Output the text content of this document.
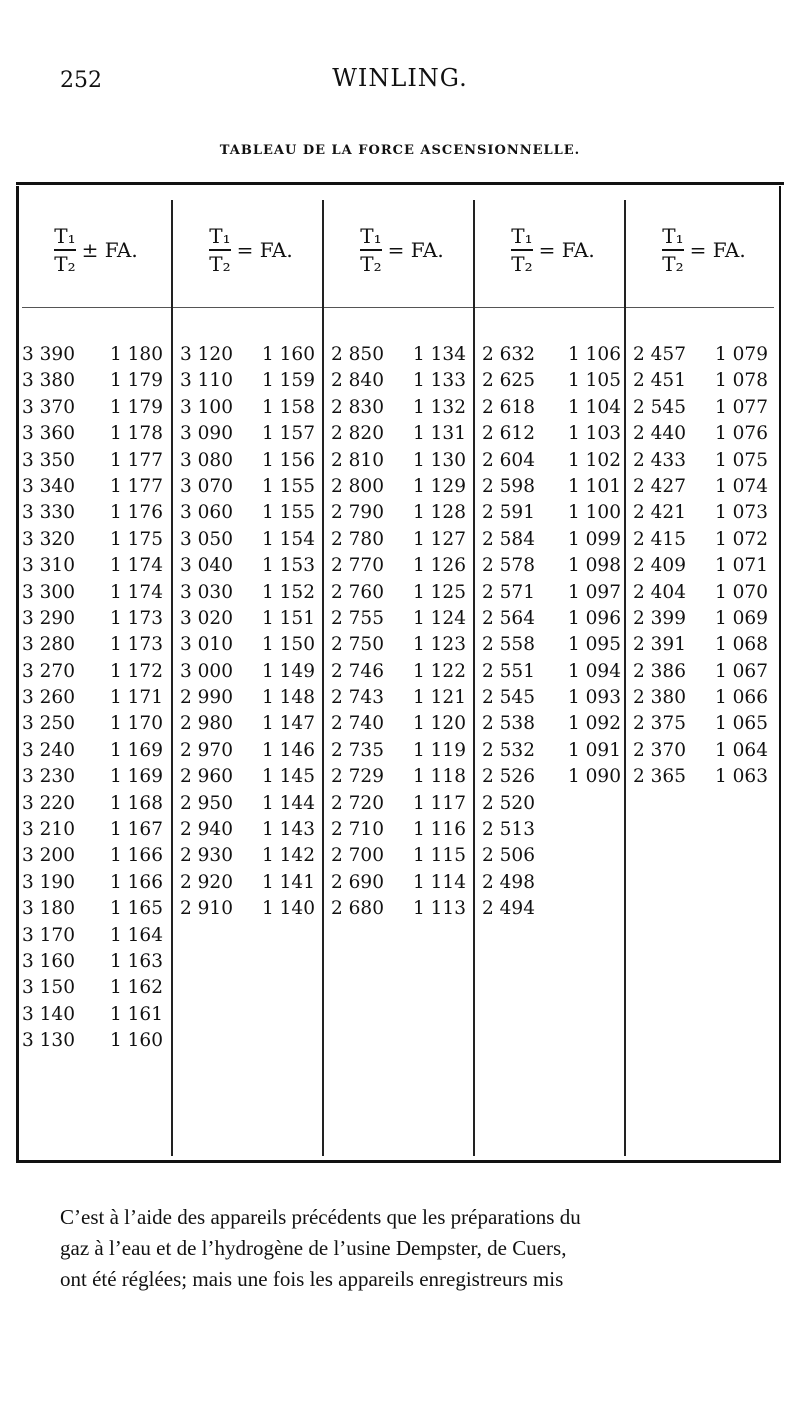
252	WINLING.
TABLEAU DE LA FORCE ASCENSIONNELLE.
$\frac{\text{T₁}}{\text{T₂}}$ ± FA.
3 390 1 180
3 380 1 179
3 370 1 179
3 360 1 178
3 350 1 177
3 340 1 177
3 330 1 176
3 320 1 175
3 310 1 174
3 300 1 174
3 290 1 173
3 280 1 173
3 270 1 172
3 260 1 171
3 250 1 170
3 240 1 169
3 230 1 169
3 220 1 168
3 210 1 167
3 200 1 166
3 190 1 166
3 180 1 165
3 170 1 164
3 160 1 163
3 150 1 162
3 140 1 161
3 130 1 160
$\frac{\text{T₁}}{\text{T₂}}$ = FA.
3 120 1 160
3 110 1 159
3 100 1 158
3 090 1 157
3 080 1 156
3 070 1 155
3 060 1 155
3 050 1 154
3 040 1 153
3 030 1 152
3 020 1 151
3 010 1 150
3 000 1 149
2 990 1 148
2 980 1 147
2 970 1 146
2 960 1 145
2 950 1 144
2 940 1 143
2 930 1 142
2 920 1 141
2 910 1 140
$\frac{\text{T₁}}{\text{T₂}}$ = FA.
2 850 1 134
2 840 1 133
2 830 1 132
2 820 1 131
2 810 1 130
2 800 1 129
2 790 1 128
2 780 1 127
2 770 1 126
2 760 1 125
2 755 1 124
2 750 1 123
2 746 1 122
2 743 1 121
2 740 1 120
2 735 1 119
2 729 1 118
2 720 1 117
2 710 1 116
2 700 1 115
2 690 1 114
2 680 1 113
$\frac{\text{T₁}}{\text{T₂}}$ = FA.
2 632 1 106
2 625 1 105
2 618 1 104
2 612 1 103
2 604 1 102
2 598 1 101
2 591 1 100
2 584 1 099
2 578 1 098
2 571 1 097
2 564 1 096
2 558 1 095
2 551 1 094
2 545 1 093
2 538 1 092
2 532 1 091
2 526 1 090
2 520
2 513
2 506
2 498
2 494
$\frac{\text{T₁}}{\text{T₂}}$ = FA.
2 457 1 079
2 451 1 078
2 545 1 077
2 440 1 076
2 433 1 075
2 427 1 074
2 421 1 073
2 415 1 072
2 409 1 071
2 404 1 070
2 399 1 069
2 391 1 068
2 386 1 067
2 380 1 066
2 375 1 065
2 370 1 064
2 365 1 063
C’est à l’aide des appareils précédents que les préparations du
gaz à l’eau et de l’hydrogène de l’usine Dempster, de Cuers,
ont été réglées; mais une fois les appareils enregistreurs mis
